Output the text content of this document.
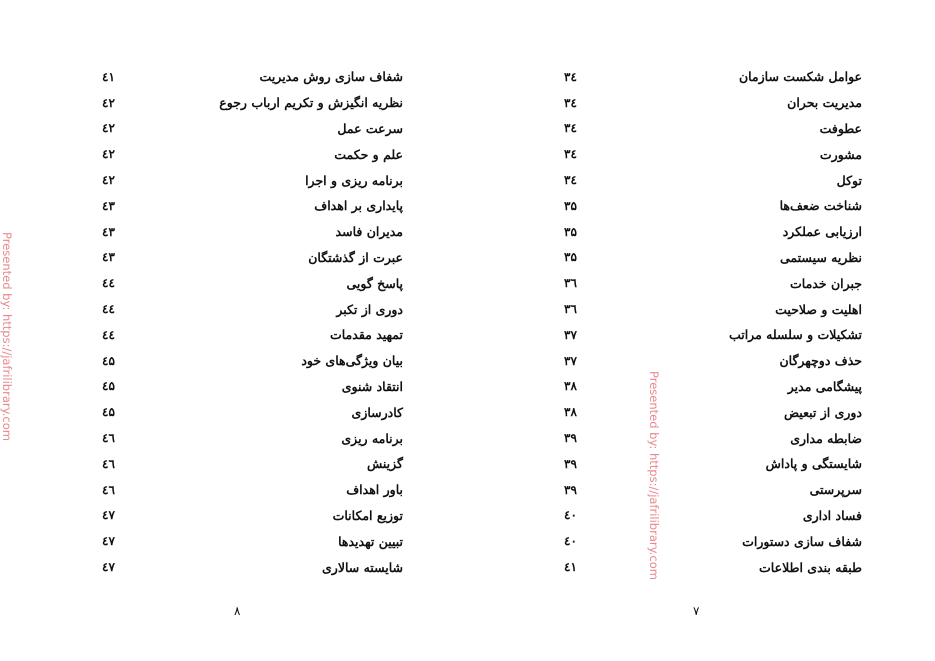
۳٤	عوامل شکست سازمان
۳٤	مدیریت بحران
۳٤	عطوفت
۳٤	مشورت
۳٤	توکل
۳۵	شناخت ضعف‌ها
۳۵	ارزیابی عملکرد
۳۵	نظریه سیستمی
۳٦	جبران خدمات
۳٦	اهلیت و صلاحیت
۳۷	تشکیلات و سلسله مراتب
۳۷	حذف دوچهرگان
۳۸	پیشگامی مدیر
۳۸	دوری از تبعیض
۳۹	ضابطه مداری
۳۹	شایستگی و پاداش
۳۹	سرپرستی
٤٠	فساد اداری
٤٠	شفاف سازی دستورات
٤١	طبقه بندی اطلاعات
٤١	شفاف سازی روش مدیریت
٤٢	نظریه انگیزش و تکریم ارباب رجوع
٤٢	سرعت عمل
٤٢	علم و حکمت
٤٢	برنامه ریزی و اجرا
٤۳	پایداری بر اهداف
٤۳	مدیران فاسد
٤۳	عبرت از گذشتگان
٤٤	پاسخ گویی
٤٤	دوری از تکبر
٤٤	تمهید مقدمات
٤۵	بیان ویژگی‌های خود
٤۵	انتقاد شنوی
٤۵	کادرسازی
٤٦	برنامه ریزی
٤٦	گزینش
٤٦	باور اهداف
٤۷	توزیع امکانات
٤۷	تبیین تهدیدها
٤۷	شایسته سالاری
۸	۷
Presented by: https://jafrilibrary.com
Presented by: https://jafrilibrary.com
